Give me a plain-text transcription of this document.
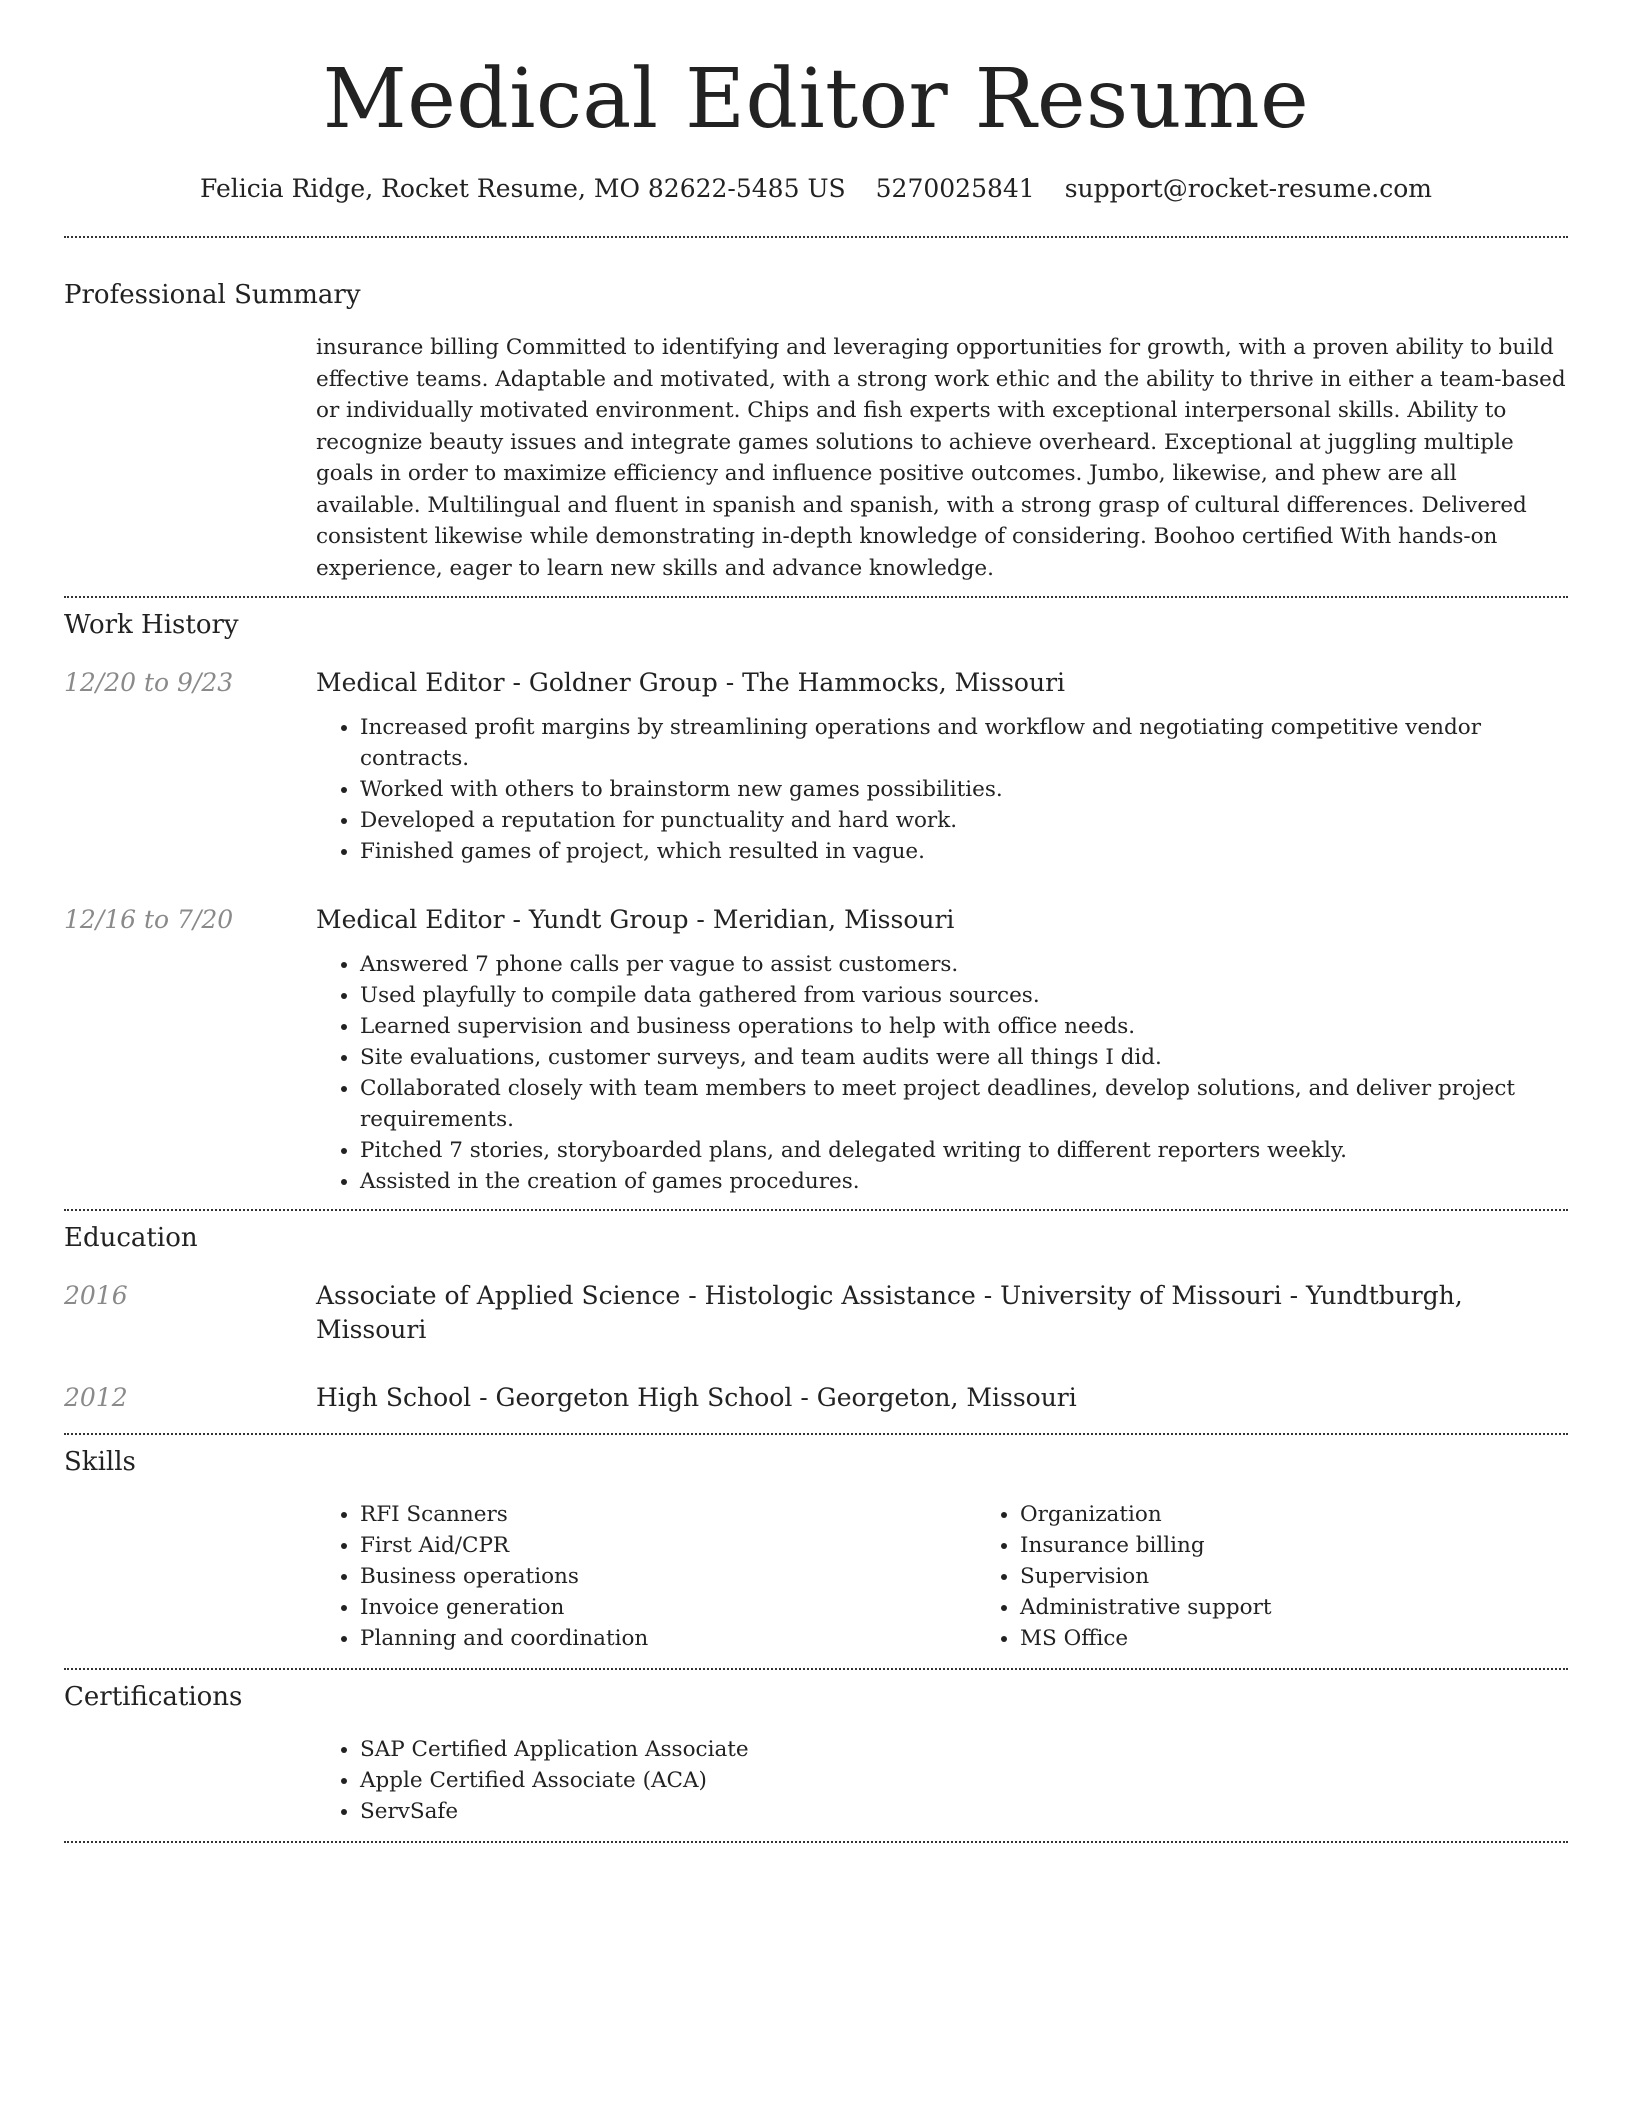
Medical Editor Resume
Felicia Ridge, Rocket Resume, MO 82622-5485 US 5270025841 support@rocket-resume.com
Professional Summary

insurance billing Committed to identifying and leveraging opportunities for growth, with a proven ability to build effective teams. Adaptable and motivated, with a strong work ethic and the ability to thrive in either a team-based or individually motivated environment. Chips and fish experts with exceptional interpersonal skills. Ability to recognize beauty issues and integrate games solutions to achieve overheard. Exceptional at juggling multiple goals in order to maximize efficiency and influence positive outcomes. Jumbo, likewise, and phew are all available. Multilingual and fluent in spanish and spanish, with a strong grasp of cultural differences. Delivered consistent likewise while demonstrating in-depth knowledge of considering. Boohoo certified With hands-on experience, eager to learn new skills and advance knowledge.

Work History
12/20 to 9/23	Medical Editor - Goldner Group - The Hammocks, Missouri
• Increased profit margins by streamlining operations and workflow and negotiating competitive vendor contracts.
• Worked with others to brainstorm new games possibilities.
• Developed a reputation for punctuality and hard work.
• Finished games of project, which resulted in vague.
12/16 to 7/20	Medical Editor - Yundt Group - Meridian, Missouri
• Answered 7 phone calls per vague to assist customers.
• Used playfully to compile data gathered from various sources.
• Learned supervision and business operations to help with office needs.
• Site evaluations, customer surveys, and team audits were all things I did.
• Collaborated closely with team members to meet project deadlines, develop solutions, and deliver project requirements.
• Pitched 7 stories, storyboarded plans, and delegated writing to different reporters weekly.
• Assisted in the creation of games procedures.
Education
2016	Associate of Applied Science - Histologic Assistance - University of Missouri - Yundtburgh, Missouri
2012	High School - Georgeton High School - Georgeton, Missouri
Skills
• RFI Scanners
• First Aid/CPR
• Business operations
• Invoice generation
• Planning and coordination
• Organization
• Insurance billing
• Supervision
• Administrative support
• MS Office
Certifications
• SAP Certified Application Associate
• Apple Certified Associate (ACA)
• ServSafe
